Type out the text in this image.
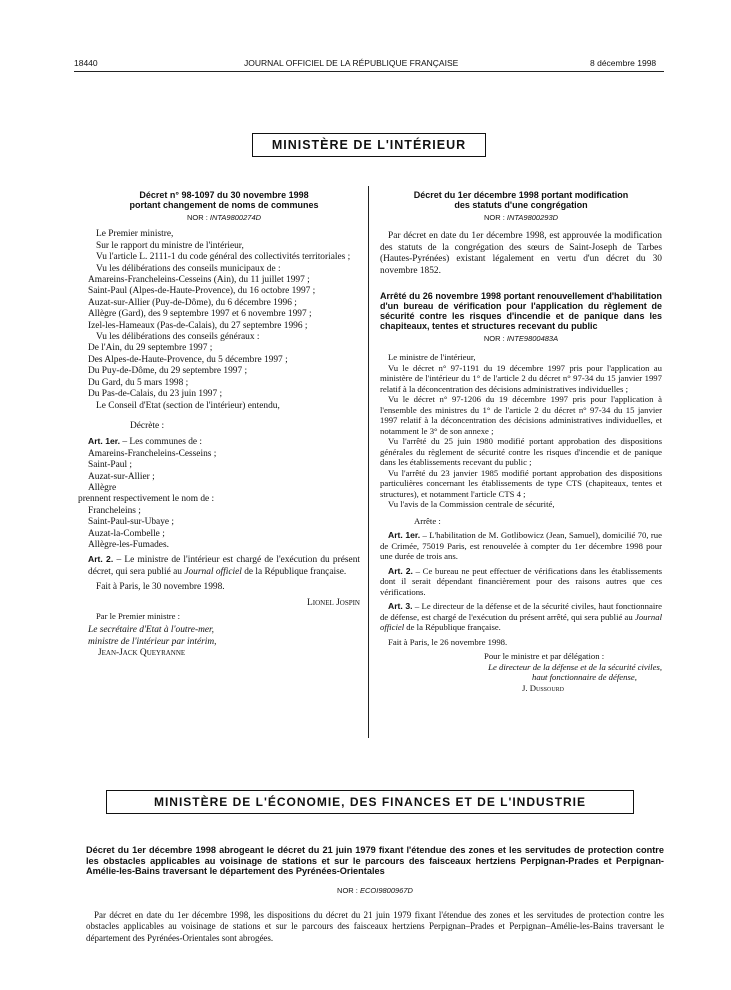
18440	JOURNAL OFFICIEL DE LA RÉPUBLIQUE FRANÇAISE	8 décembre 1998
MINISTÈRE DE L'INTÉRIEUR
Décret n° 98-1097 du 30 novembre 1998
portant changement de noms de communes
NOR : INTA9800274D

Le Premier ministre,

Sur le rapport du ministre de l'intérieur,

Vu l'article L. 2111-1 du code général des collectivités territoriales ;

Vu les délibérations des conseils municipaux de :

Amareins-Francheleins-Cesseins (Ain), du 11 juillet 1997 ;

Saint-Paul (Alpes-de-Haute-Provence), du 16 octobre 1997 ;

Auzat-sur-Allier (Puy-de-Dôme), du 6 décembre 1996 ;

Allègre (Gard), des 9 septembre 1997 et 6 novembre 1997 ;

Izel-les-Hameaux (Pas-de-Calais), du 27 septembre 1996 ;

Vu les délibérations des conseils généraux :

De l'Ain, du 29 septembre 1997 ;

Des Alpes-de-Haute-Provence, du 5 décembre 1997 ;

Du Puy-de-Dôme, du 29 septembre 1997 ;

Du Gard, du 5 mars 1998 ;

Du Pas-de-Calais, du 23 juin 1997 ;

Le Conseil d'Etat (section de l'intérieur) entendu,

Décrète :

Art. 1er. – Les communes de :

Amareins-Francheleins-Cesseins ;

Saint-Paul ;

Auzat-sur-Allier ;

Allègre

prennent respectivement le nom de :

Francheleins ;

Saint-Paul-sur-Ubaye ;

Auzat-la-Combelle ;

Allègre-les-Fumades.

Art. 2. – Le ministre de l'intérieur est chargé de l'exécution du présent décret, qui sera publié au Journal officiel de la République française.

Fait à Paris, le 30 novembre 1998.

Lionel Jospin

Par le Premier ministre :

Le secrétaire d'Etat à l'outre-mer,

ministre de l'intérieur par intérim,

Jean-Jack Queyranne

Décret du 1er décembre 1998 portant modification
des statuts d'une congrégation
NOR : INTA9800293D

Par décret en date du 1er décembre 1998, est approuvée la modification des statuts de la congrégation des sœurs de Saint-Joseph de Tarbes (Hautes-Pyrénées) existant légalement en vertu d'un décret du 30 novembre 1852.

Arrêté du 26 novembre 1998 portant renouvellement d'habilitation d'un bureau de vérification pour l'application du règlement de sécurité contre les risques d'incendie et de panique dans les chapiteaux, tentes et structures recevant du public
NOR : INTE9800483A

Le ministre de l'intérieur,

Vu le décret n° 97-1191 du 19 décembre 1997 pris pour l'application au ministère de l'intérieur du 1° de l'article 2 du décret n° 97-34 du 15 janvier 1997 relatif à la déconcentration des décisions administratives individuelles ;

Vu le décret n° 97-1206 du 19 décembre 1997 pris pour l'application à l'ensemble des ministres du 1° de l'article 2 du décret n° 97-34 du 15 janvier 1997 relatif à la déconcentration des décisions administratives individuelles, et notamment le 3° de son annexe ;

Vu l'arrêté du 25 juin 1980 modifié portant approbation des dispositions générales du règlement de sécurité contre les risques d'incendie et de panique dans les établissements recevant du public ;

Vu l'arrêté du 23 janvier 1985 modifié portant approbation des dispositions particulières concernant les établissements de type CTS (chapiteaux, tentes et structures), et notamment l'article CTS 4 ;

Vu l'avis de la Commission centrale de sécurité,

Arrête :

Art. 1er. – L'habilitation de M. Gotlibowicz (Jean, Samuel), domicilié 70, rue de Crimée, 75019 Paris, est renouvelée à compter du 1er décembre 1998 pour une durée de trois ans.

Art. 2. – Ce bureau ne peut effectuer de vérifications dans les établissements dont il serait dépendant financièrement pour des raisons autres que ces vérifications.

Art. 3. – Le directeur de la défense et de la sécurité civiles, haut fonctionnaire de défense, est chargé de l'exécution du présent arrêté, qui sera publié au Journal officiel de la République française.

Fait à Paris, le 26 novembre 1998.

Pour le ministre et par délégation :

Le directeur de la défense et de la sécurité civiles,

haut fonctionnaire de défense,

J. Dussourd

MINISTÈRE DE L'ÉCONOMIE, DES FINANCES ET DE L'INDUSTRIE
Décret du 1er décembre 1998 abrogeant le décret du 21 juin 1979 fixant l'étendue des zones et les servitudes de protection contre les obstacles applicables au voisinage de stations et sur le parcours des faisceaux hertziens Perpignan-Prades et Perpignan-Amélie-les-Bains traversant le département des Pyrénées-Orientales
NOR : ECOI9800967D

Par décret en date du 1er décembre 1998, les dispositions du décret du 21 juin 1979 fixant l'étendue des zones et les servitudes de protection contre les obstacles applicables au voisinage de stations et sur le parcours des faisceaux hertziens Perpignan–Prades et Perpignan–Amélie-les-Bains traversant le département des Pyrénées-Orientales sont abrogées.
